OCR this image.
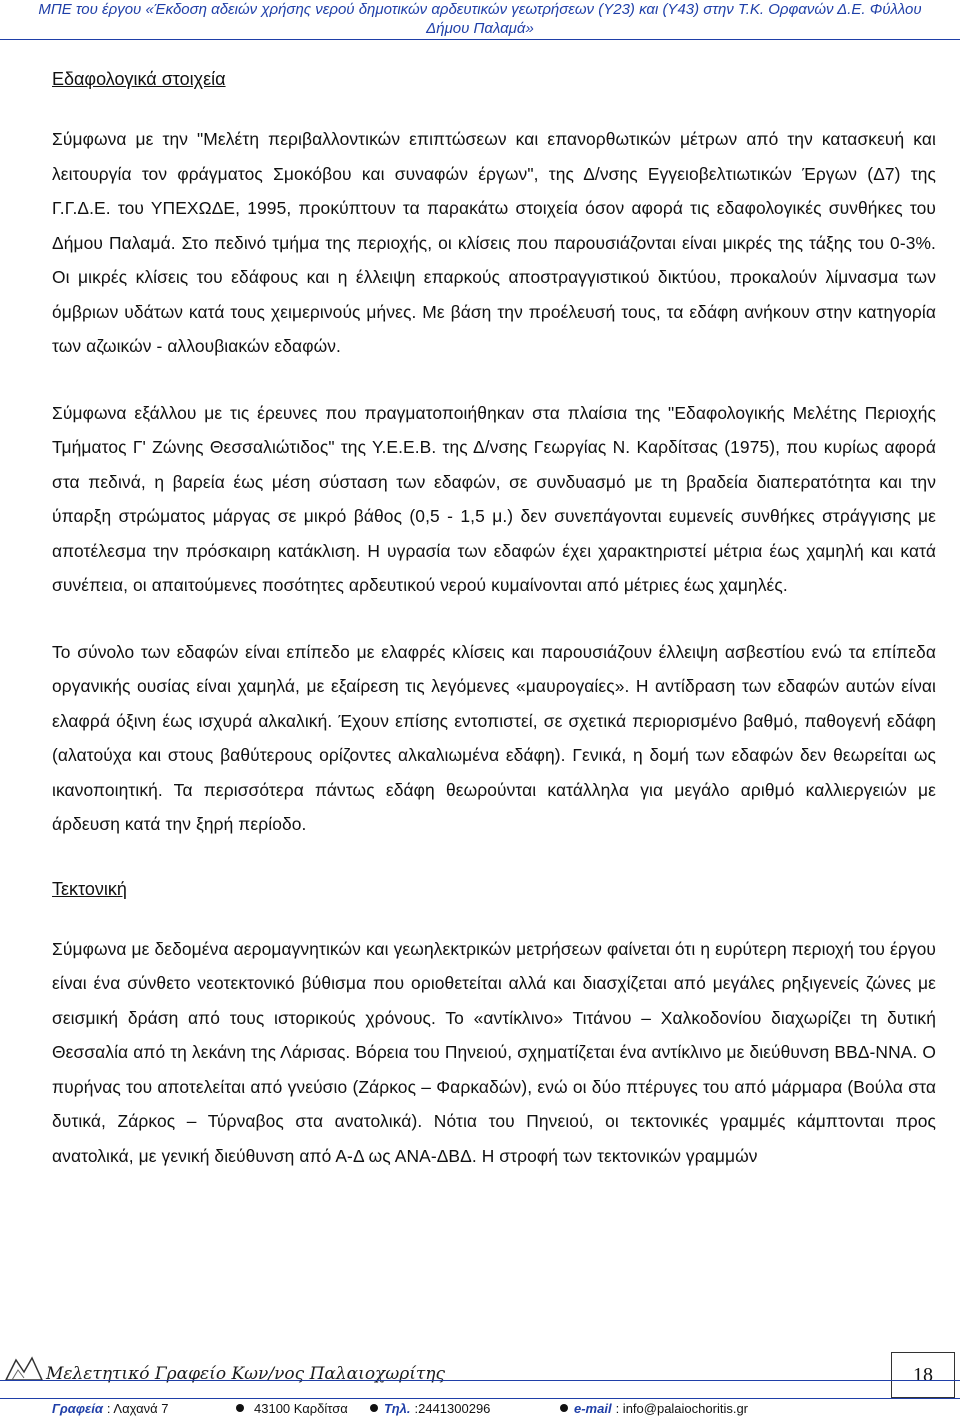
ΜΠΕ του έργου «Έκδοση αδειών χρήσης νερού δημοτικών αρδευτικών γεωτρήσεων (Υ23) και (Υ43) στην Τ.Κ. Ορφανών Δ.Ε. Φύλλου
Δήμου Παλαμά»
Εδαφολογικά στοιχεία

Σύμφωνα με την "Μελέτη περιβαλλοντικών επιπτώσεων και επανορθωτικών μέτρων από την κατασκευή και λειτουργία τον φράγματος Σμοκόβου και συναφών έργων", της Δ/νσης Εγγειοβελτιωτικών Έργων (Δ7) της Γ.Γ.Δ.Ε. του ΥΠΕΧΩΔΕ, 1995, προκύπτουν τα παρακάτω στοιχεία όσον αφορά τις εδαφολογικές συνθήκες του Δήμου Παλαμά. Στο πεδινό τμήμα της περιοχής, οι κλίσεις που παρουσιάζονται είναι μικρές της τάξης του 0-3%. Οι μικρές κλίσεις του εδάφους και η έλλειψη επαρκούς αποστραγγιστικού δικτύου, προκαλούν λίμνασμα των όμβριων υδάτων κατά τους χειμερινούς μήνες. Με βάση την προέλευσή τους, τα εδάφη ανήκουν στην κατηγορία των αζωικών - αλλουβιακών εδαφών.

Σύμφωνα εξάλλου με τις έρευνες που πραγματοποιήθηκαν στα πλαίσια της "Εδαφολογικής Μελέτης Περιοχής Τμήματος Γ' Ζώνης Θεσσαλιώτιδος" της Υ.Ε.Ε.Β. της Δ/νσης Γεωργίας Ν. Καρδίτσας (1975), που κυρίως αφορά στα πεδινά, η βαρεία έως μέση σύσταση των εδαφών, σε συνδυασμό με τη βραδεία διαπερατότητα και την ύπαρξη στρώματος μάργας σε μικρό βάθος (0,5 - 1,5 μ.) δεν συνεπάγονται ευμενείς συνθήκες στράγγισης με αποτέλεσμα την πρόσκαιρη κατάκλιση. Η υγρασία των εδαφών έχει χαρακτηριστεί μέτρια έως χαμηλή και κατά συνέπεια, οι απαιτούμενες ποσότητες αρδευτικού νερού κυμαίνονται από μέτριες έως χαμηλές.

Το σύνολο των εδαφών είναι επίπεδο με ελαφρές κλίσεις και παρουσιάζουν έλλειψη ασβεστίου ενώ τα επίπεδα οργανικής ουσίας είναι χαμηλά, με εξαίρεση τις λεγόμενες «μαυρογαίες». Η αντίδραση των εδαφών αυτών είναι ελαφρά όξινη έως ισχυρά αλκαλική. Έχουν επίσης εντοπιστεί, σε σχετικά περιορισμένο βαθμό, παθογενή εδάφη (αλατούχα και στους βαθύτερους ορίζοντες αλκαλιωμένα εδάφη). Γενικά, η δομή των εδαφών δεν θεωρείται ως ικανοποιητική. Τα περισσότερα πάντως εδάφη θεωρούνται κατάλληλα για μεγάλο αριθμό καλλιεργειών με άρδευση κατά την ξηρή περίοδο.

Τεκτονική

Σύμφωνα με δεδομένα αερομαγνητικών και γεωηλεκτρικών μετρήσεων φαίνεται ότι η ευρύτερη περιοχή του έργου είναι ένα σύνθετο νεοτεκτονικό βύθισμα που οριοθετείται αλλά και διασχίζεται από μεγάλες ρηξιγενείς ζώνες με σεισμική δράση από τους ιστορικούς χρόνους. Το «αντίκλινο» Τιτάνου – Χαλκοδονίου διαχωρίζει τη δυτική Θεσσαλία από τη λεκάνη της Λάρισας. Βόρεια του Πηνειού, σχηματίζεται ένα αντίκλινο με διεύθυνση ΒΒΔ-ΝΝΑ. Ο πυρήνας του αποτελείται από γνεύσιο (Ζάρκος – Φαρκαδών), ενώ οι δύο πτέρυγες του από μάρμαρα (Βούλα στα δυτικά, Ζάρκος – Τύρναβος στα ανατολικά). Νότια του Πηνειού, οι τεκτονικές γραμμές κάμπτονται προς ανατολικά, με γενική διεύθυνση από Α-Δ ως ΑΝΑ-ΔΒΔ. Η στροφή των τεκτονικών γραμμών

Μελετητικό Γραφείο Κων/νος Παλαιοχωρίτης	18
Γραφεία : Λαχανά 7	43100 Καρδίτσα	Τηλ. :2441300296	e-mail : info@palaiochoritis.gr
